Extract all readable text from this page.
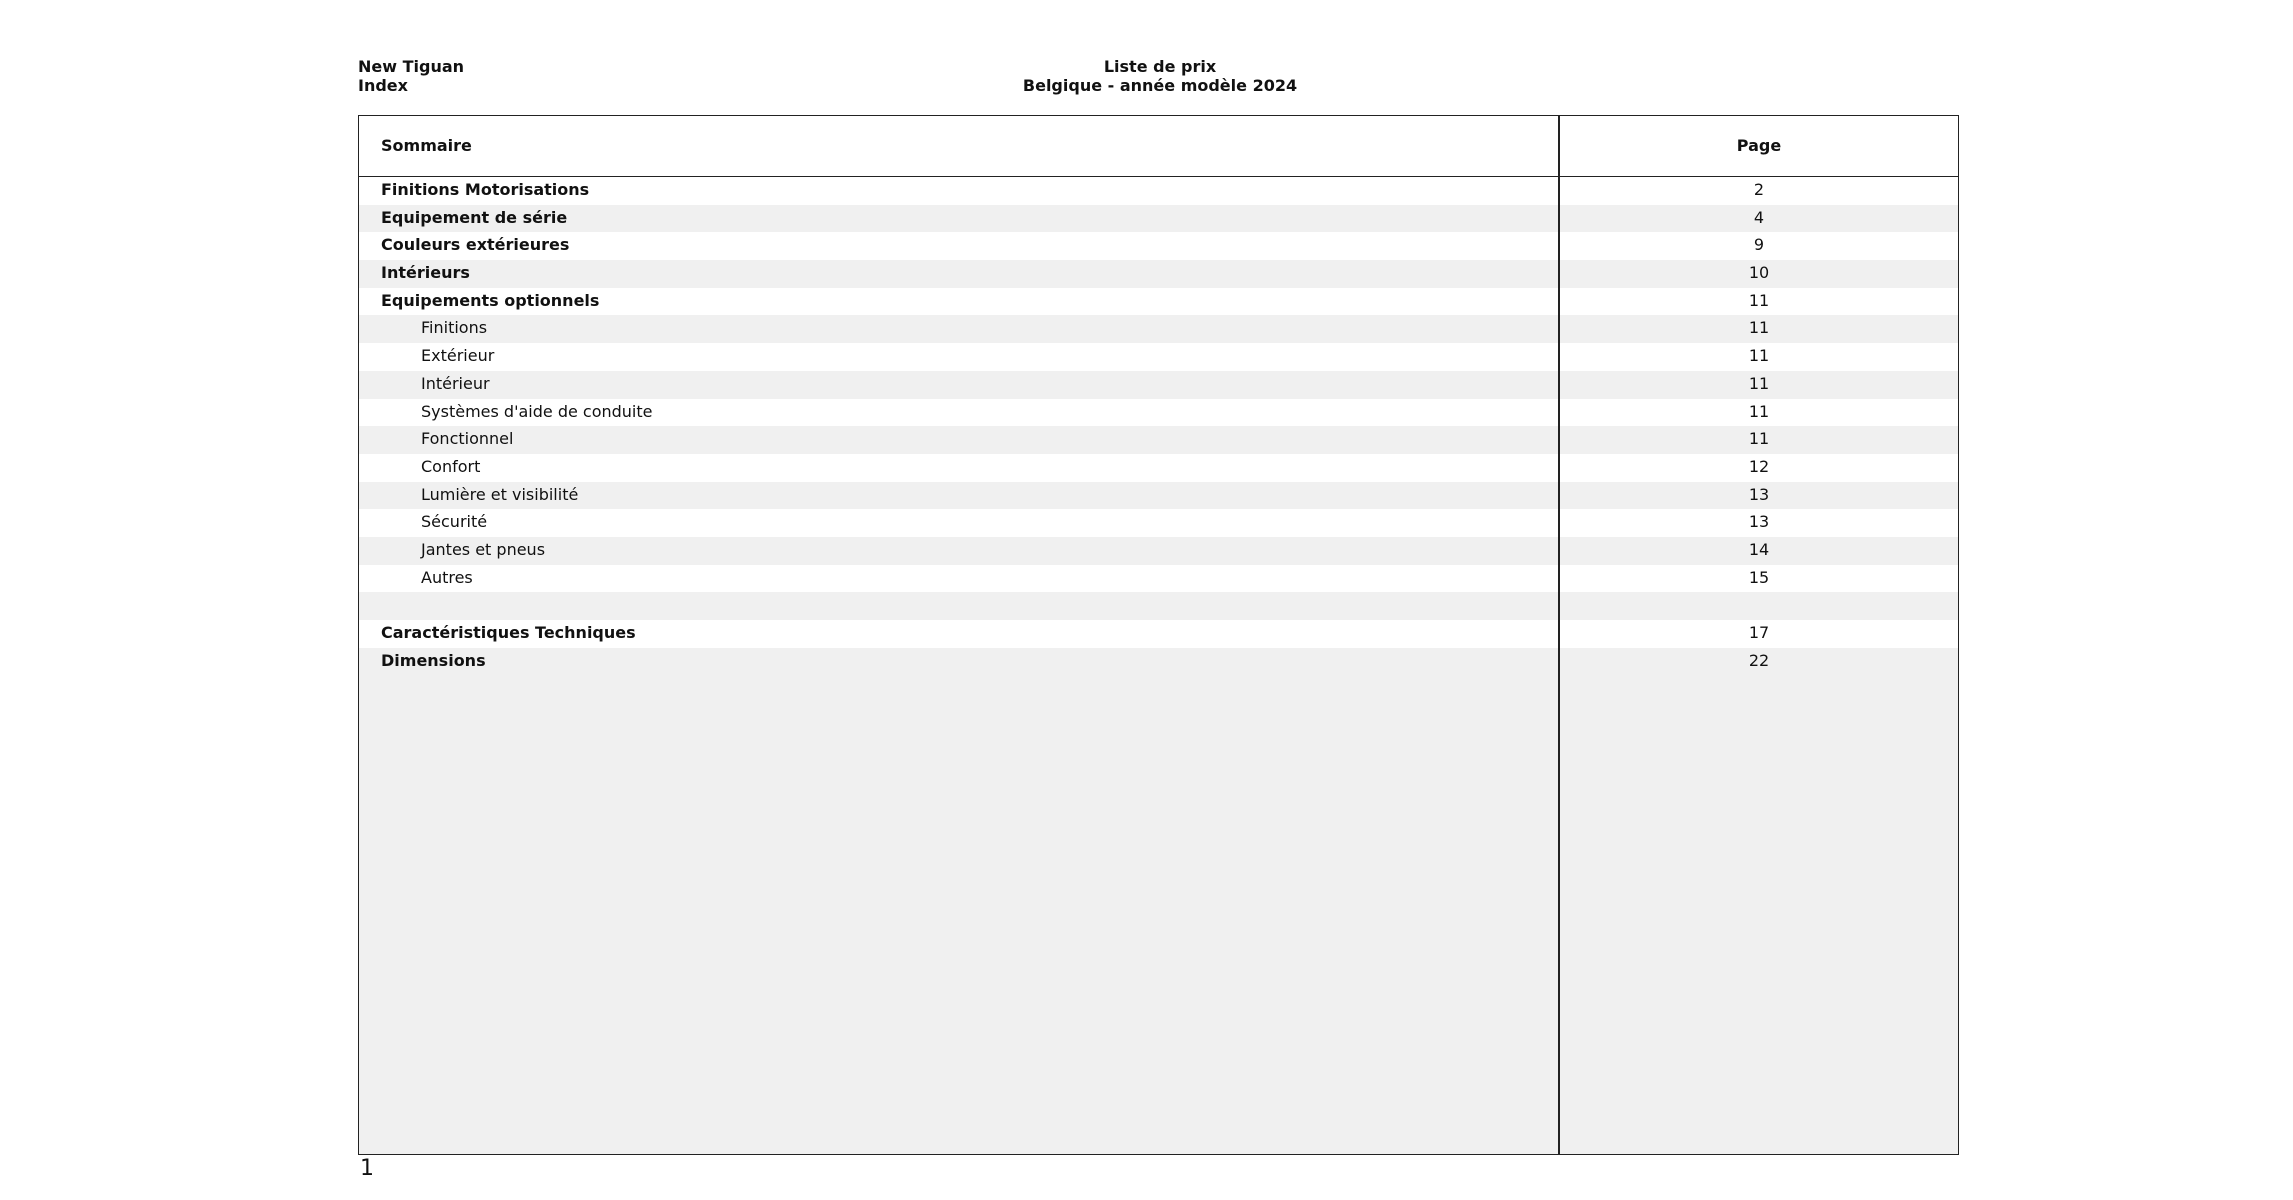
New Tiguan
Index
Liste de prix
Belgique - année modèle 2024
Sommaire	Page
Finitions Motorisations	2
Equipement de série	4
Couleurs extérieures	9
Intérieurs	10
Equipements optionnels	11
Finitions	11
Extérieur	11
Intérieur	11
Systèmes d'aide de conduite	11
Fonctionnel	11
Confort	12
Lumière et visibilité	13
Sécurité	13
Jantes et pneus	14
Autres	15
Caractéristiques Techniques	17
Dimensions	22
1
